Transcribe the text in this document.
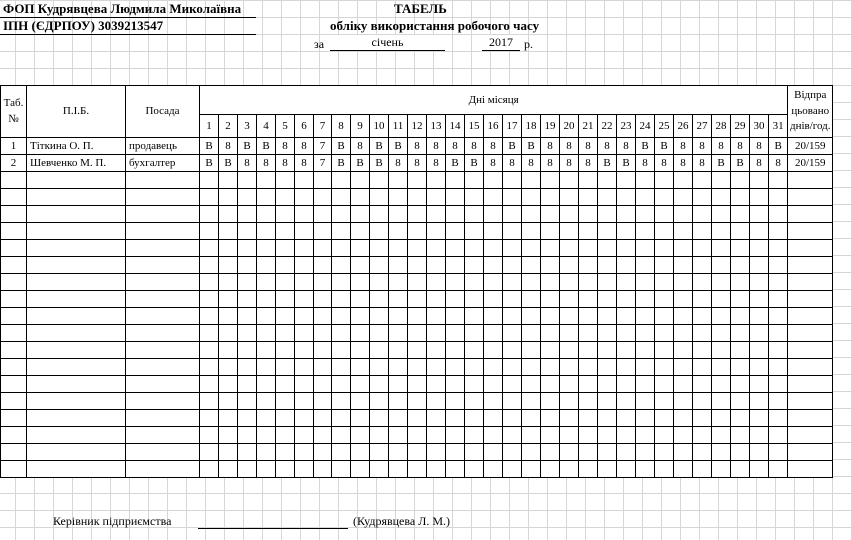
ФОП Кудрявцева Людмила Миколаївна
ІПН (ЄДРПОУ) 3039213547
ТАБЕЛЬ
обліку використання робочого часу
за	січень	2017 р.
Таб. №	П.І.Б.	Посада	Дні місяця																															Відпра цьовано днів/год.
			1	2	3	4	5	6	7	8	9	10	11	12	13	14	15	16	17	18	19	20	21	22	23	24	25	26	27	28	29	30	31	
1	Тіткина О. П.	продавець	В	8	В	В	8	8	7	В	8	В	В	8	8	8	8	8	В	В	8	8	8	8	8	В	В	8	8	8	8	8	В	20/159
2	Шевченко М. П.	бухгалтер	В	В	8	8	8	8	7	В	В	В	8	8	8	В	В	8	8	8	8	8	8	В	В	8	8	8	8	В	В	8	8	20/159

Керівник підприємства	(Кудрявцева Л. М.)
